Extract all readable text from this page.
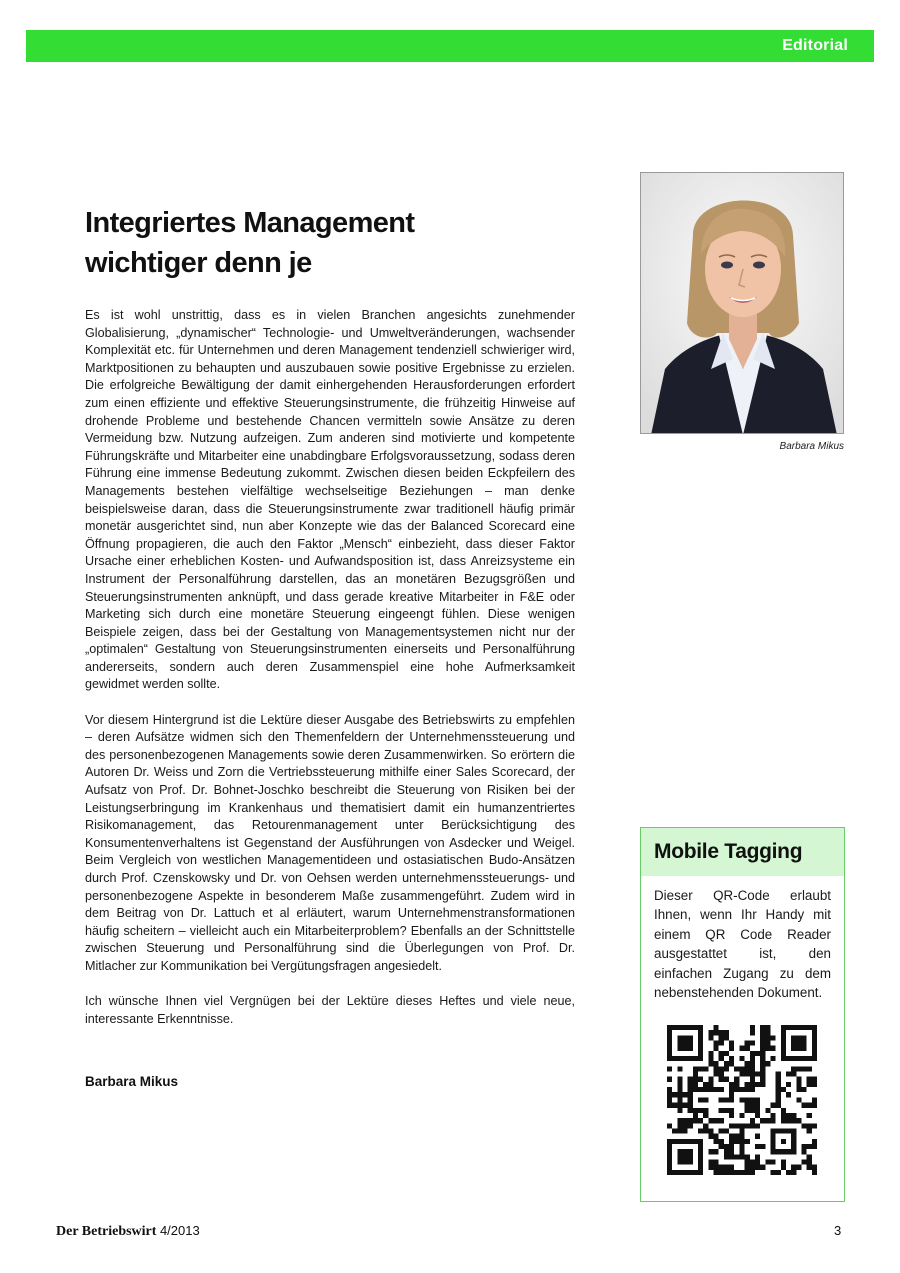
Editorial
Integriertes Management
wichtiger denn je

Es ist wohl unstrittig, dass es in vielen Branchen angesichts zunehmender Globalisierung, „dynamischer“ Technologie- und Umweltveränderungen, wachsender Komplexität etc. für Unternehmen und deren Management tendenziell schwieriger wird, Marktpositionen zu behaupten und auszubauen sowie positive Ergebnisse zu erzielen. Die erfolgreiche Bewältigung der damit einhergehenden Herausforderungen erfordert zum einen effiziente und effektive Steuerungsinstrumente, die frühzeitig Hinweise auf drohende Probleme und bestehende Chancen vermitteln sowie Ansätze zu deren Vermeidung bzw. Nutzung aufzeigen. Zum anderen sind motivierte und kompetente Führungskräfte und Mitarbeiter eine unabdingbare Erfolgsvoraussetzung, sodass deren Führung eine immense Bedeutung zukommt. Zwischen diesen beiden Eckpfeilern des Managements bestehen vielfältige wechselseitige Beziehungen – man denke beispielsweise daran, dass die Steuerungsinstrumente zwar traditionell häufig primär monetär ausgerichtet sind, nun aber Konzepte wie das der Balanced Scorecard eine Öffnung propagieren, die auch den Faktor „Mensch“ einbezieht, dass dieser Faktor Ursache einer erheblichen Kosten- und Aufwandsposition ist, dass Anreizsysteme ein Instrument der Personalführung darstellen, das an monetären Bezugsgrößen und Steuerungsinstrumenten anknüpft, und dass gerade kreative Mitarbeiter in F&E oder Marketing sich durch eine monetäre Steuerung eingeengt fühlen. Diese wenigen Beispiele zeigen, dass bei der Gestaltung von Managementsystemen nicht nur der „optimalen“ Gestaltung von Steuerungsinstrumenten einerseits und Personalführung andererseits, sondern auch deren Zusammenspiel eine hohe Aufmerksamkeit gewidmet werden sollte.

Vor diesem Hintergrund ist die Lektüre dieser Ausgabe des Betriebswirts zu empfehlen – deren Aufsätze widmen sich den Themenfeldern der Unternehmenssteuerung und des personenbezogenen Managements sowie deren Zusammenwirken. So erörtern die Autoren Dr. Weiss und Zorn die Vertriebssteuerung mithilfe einer Sales Scorecard, der Aufsatz von Prof. Dr. Bohnet-Joschko beschreibt die Steuerung von Risiken bei der Leistungserbringung im Krankenhaus und thematisiert damit ein humanzentriertes Risikomanagement, das Retourenmanagement unter Berücksichtigung des Konsumentenverhaltens ist Gegenstand der Ausführungen von Asdecker und Weigel. Beim Vergleich von westlichen Managementideen und ostasiatischen Budo-Ansätzen durch Prof. Czenskowsky und Dr. von Oehsen werden unternehmenssteuerungs- und personenbezogene Aspekte in besonderem Maße zusammengeführt. Zudem wird in dem Beitrag von Dr. Lattuch et al erläutert, warum Unternehmenstransformationen häufig scheitern – vielleicht auch ein Mitarbeiterproblem? Ebenfalls an der Schnittstelle zwischen Steuerung und Personalführung sind die Überlegungen von Prof. Dr. Mitlacher zur Kommunikation bei Vergütungsfragen angesiedelt.

Ich wünsche Ihnen viel Vergnügen bei der Lektüre dieses Heftes und viele neue, interessante Erkenntnisse.

Barbara Mikus

Barbara Mikus

Mobile Tagging
Dieser QR-Code erlaubt Ihnen, wenn Ihr Handy mit einem QR Code Reader ausgestattet ist, den einfachen Zugang zu dem nebenstehenden Dokument.
Der Betriebswirt 4/2013	3
